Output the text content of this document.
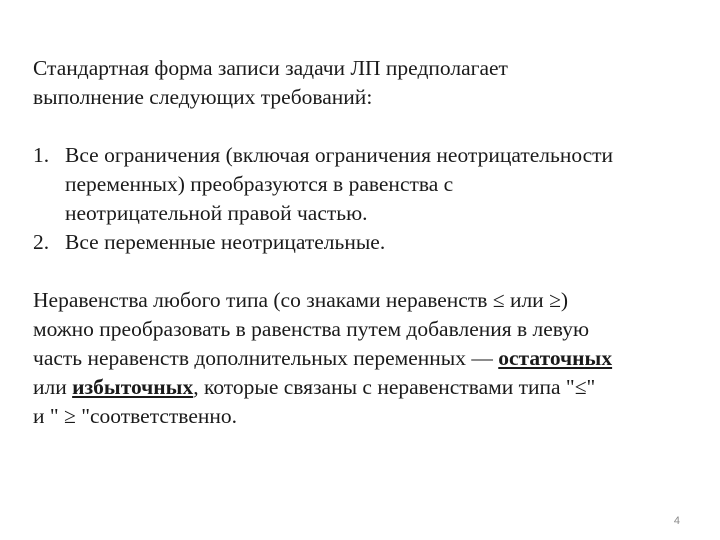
Стандартная форма записи задачи ЛП предполагает
выполнение следующих требований:

1. Все ограничения (включая ограничения неотрицательности
переменных) преобразуются в равенства с
неотрицательной правой частью.
2. Все переменные неотрицательные.

Неравенства любого типа (со знаками неравенств ≤ или ≥)
можно преобразовать в равенства путем добавления в левую
часть неравенств дополнительных переменных — остаточных
или избыточных, которые связаны с неравенствами типа "≤"
и " ≥ "соответственно.

4
